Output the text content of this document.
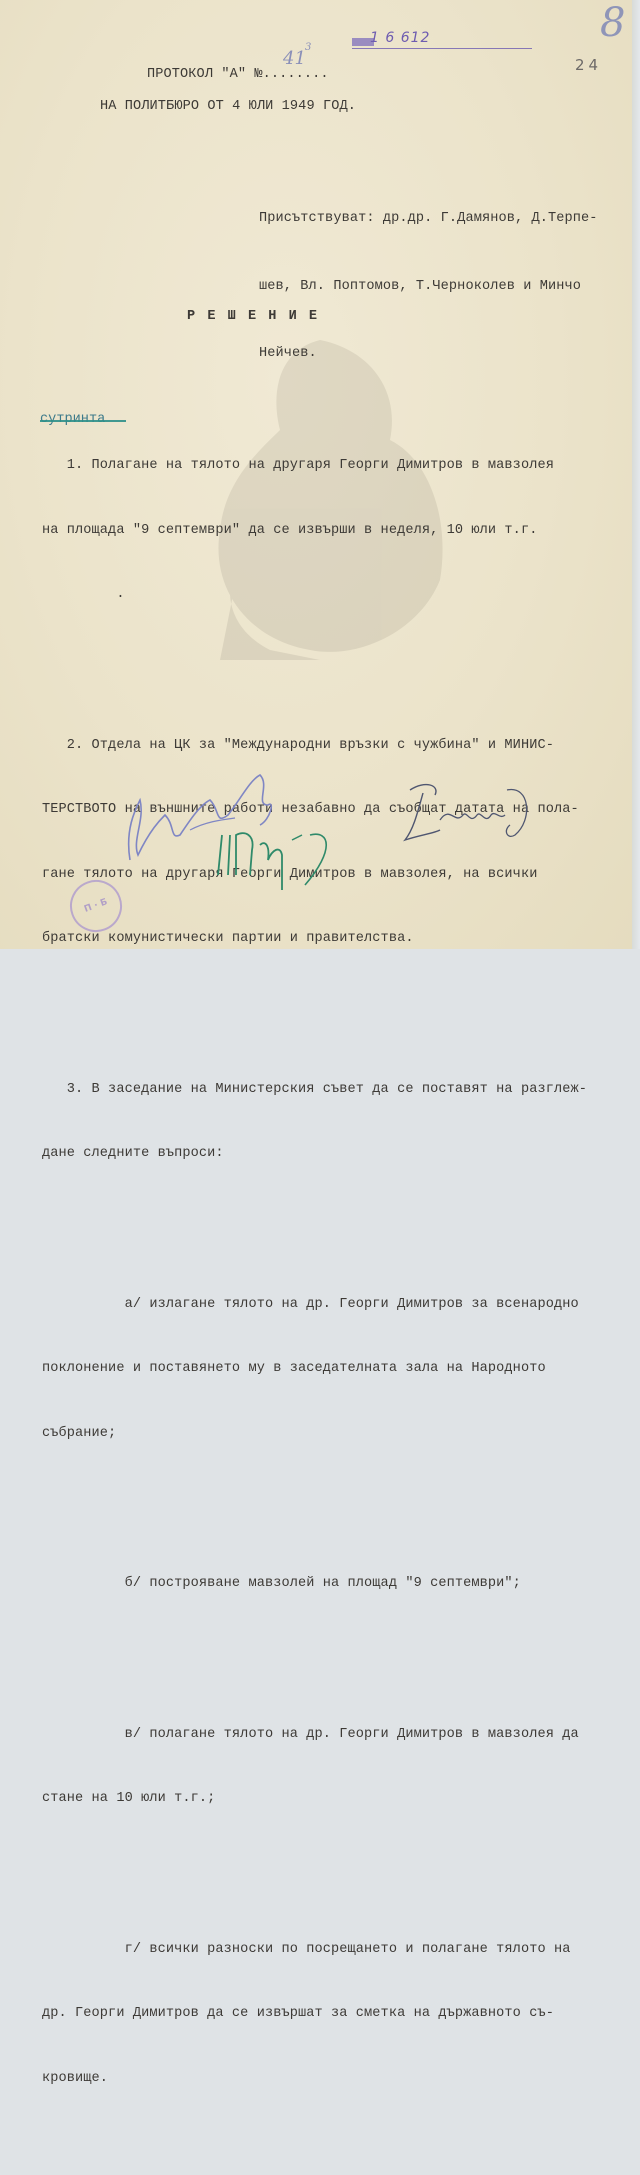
1 6 612	8
24
ПРОТОКОЛ "А" №........
41
3
НА ПОЛИТБЮРО ОТ 4 ЮЛИ 1949 ГОД.

Присътствуват: др.др. Г.Дамянов, Д.Терпе-

шев, Вл. Поптомов, Т.Черноколев и Минчо

Нейчев.

Р Е Ш Е Н И Е

1. Полагане на тялото на другаря Георги Димитров в мавзолея

на площада "9 септември" да се извърши в неделя, 10 юли т.г.

.

2. Отдела на ЦК за "Международни връзки с чужбина" и МИНИС-

ТЕРСТВОТО на външните работи незабавно да съобщат датата на пола-

гане тялото на другаря Георги Димитров в мавзолея, на всички

братски комунистически партии и правителства.

3. В заседание на Министерския съвет да се поставят на разглеж-

дане следните въпроси:

а/ излагане тялото на др. Георги Димитров за всенародно

поклонение и поставянето му в заседателната зала на Народното

събрание;

б/ построяване мавзолей на площад "9 септември";

в/ полагане тялото на др. Георги Димитров в мавзолея да

стане на 10 юли т.г.;

г/ всички разноски по посрещането и полагане тялото на

др. Георги Димитров да се извършат за сметка на държавното съ-

кровище.

П · Б
